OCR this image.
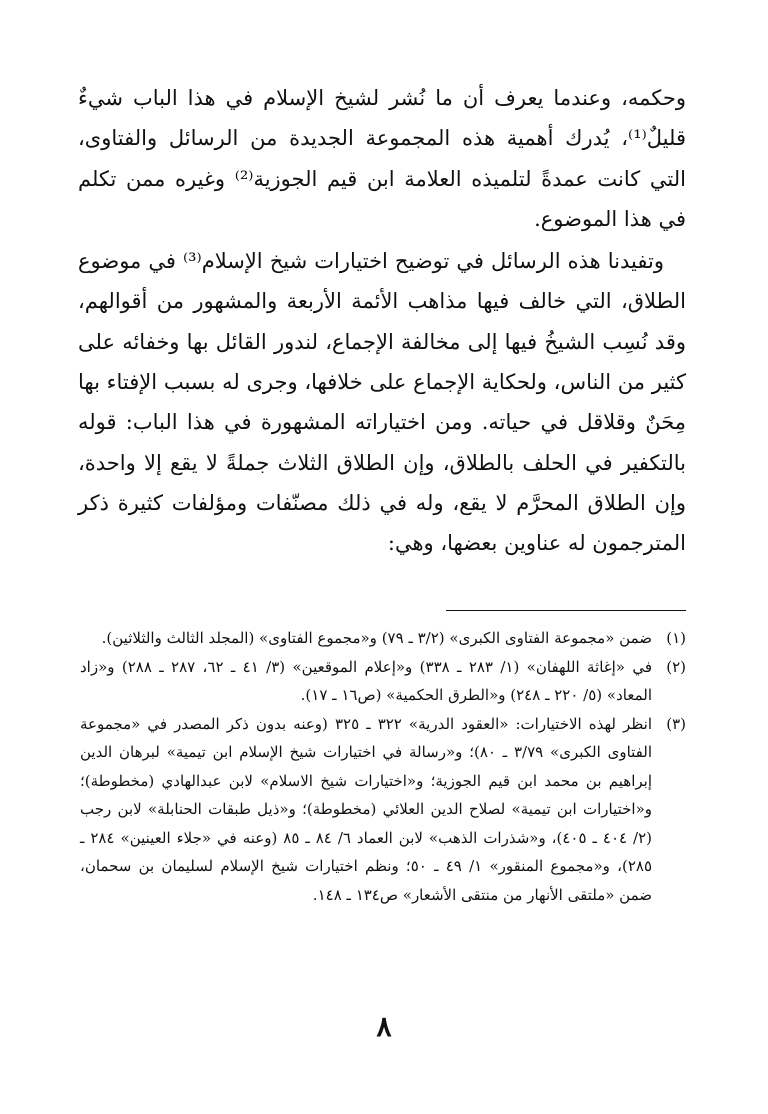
وحكمه، وعندما يعرف أن ما نُشر لشيخ الإسلام في هذا الباب شيءٌ قليلٌ⁽¹⁾، يُدرك أهمية هذه المجموعة الجديدة من الرسائل والفتاوى، التي كانت عمدةً لتلميذه العلامة ابن قيم الجوزية⁽²⁾ وغيره ممن تكلم في هذا الموضوع.

وتفيدنا هذه الرسائل في توضيح اختيارات شيخ الإسلام⁽³⁾ في موضوع الطلاق، التي خالف فيها مذاهب الأئمة الأربعة والمشهور من أقوالهم، وقد نُسِب الشيخُ فيها إلى مخالفة الإجماع، لندور القائل بها وخفائه على كثير من الناس، ولحكاية الإجماع على خلافها، وجرى له بسبب الإفتاء بها مِحَنٌ وقلاقل في حياته. ومن اختياراته المشهورة في هذا الباب: قوله بالتكفير في الحلف بالطلاق، وإن الطلاق الثلاث جملةً لا يقع إلا واحدة، وإن الطلاق المحرَّم لا يقع، وله في ذلك مصنّفات ومؤلفات كثيرة ذكر المترجمون له عناوين بعضها، وهي:

(١)
ضمن «مجموعة الفتاوى الكبرى» (٣/٢ ـ ٧٩) و«مجموع الفتاوى» (المجلد الثالث والثلاثين).
(٢)
في «إغاثة اللهفان» (١/ ٢٨٣ ـ ٣٣٨) و«إعلام الموقعين» (٣/ ٤١ ـ ٦٢، ٢٨٧ ـ ٢٨٨) و«زاد المعاد» (٥/ ٢٢٠ ـ ٢٤٨) و«الطرق الحكمية» (ص١٦ ـ ١٧).
(٣)
انظر لهذه الاختيارات: «العقود الدرية» ٣٢٢ ـ ٣٢٥ (وعنه بدون ذكر المصدر في «مجموعة الفتاوى الكبرى» ٣/٧٩ ـ ٨٠)؛ و«رسالة في اختيارات شيخ الإسلام ابن تيمية» لبرهان الدين إبراهيم بن محمد ابن قيم الجوزية؛ و«اختيارات شيخ الاسلام» لابن عبدالهادي (مخطوطة)؛ و«اختيارات ابن تيمية» لصلاح الدين العلائي (مخطوطة)؛ و«ذيل طبقات الحنابلة» لابن رجب (٢/ ٤٠٤ ـ ٤٠٥)، و«شذرات الذهب» لابن العماد ٦/ ٨٤ ـ ٨٥ (وعنه في «جلاء العينين» ٢٨٤ ـ ٢٨٥)، و«مجموع المنقور» ١/ ٤٩ ـ ٥٠؛ ونظم اختيارات شيخ الإسلام لسليمان بن سحمان، ضمن «ملتقى الأنهار من منتقى الأشعار» ص١٣٤ ـ ١٤٨.
٨
